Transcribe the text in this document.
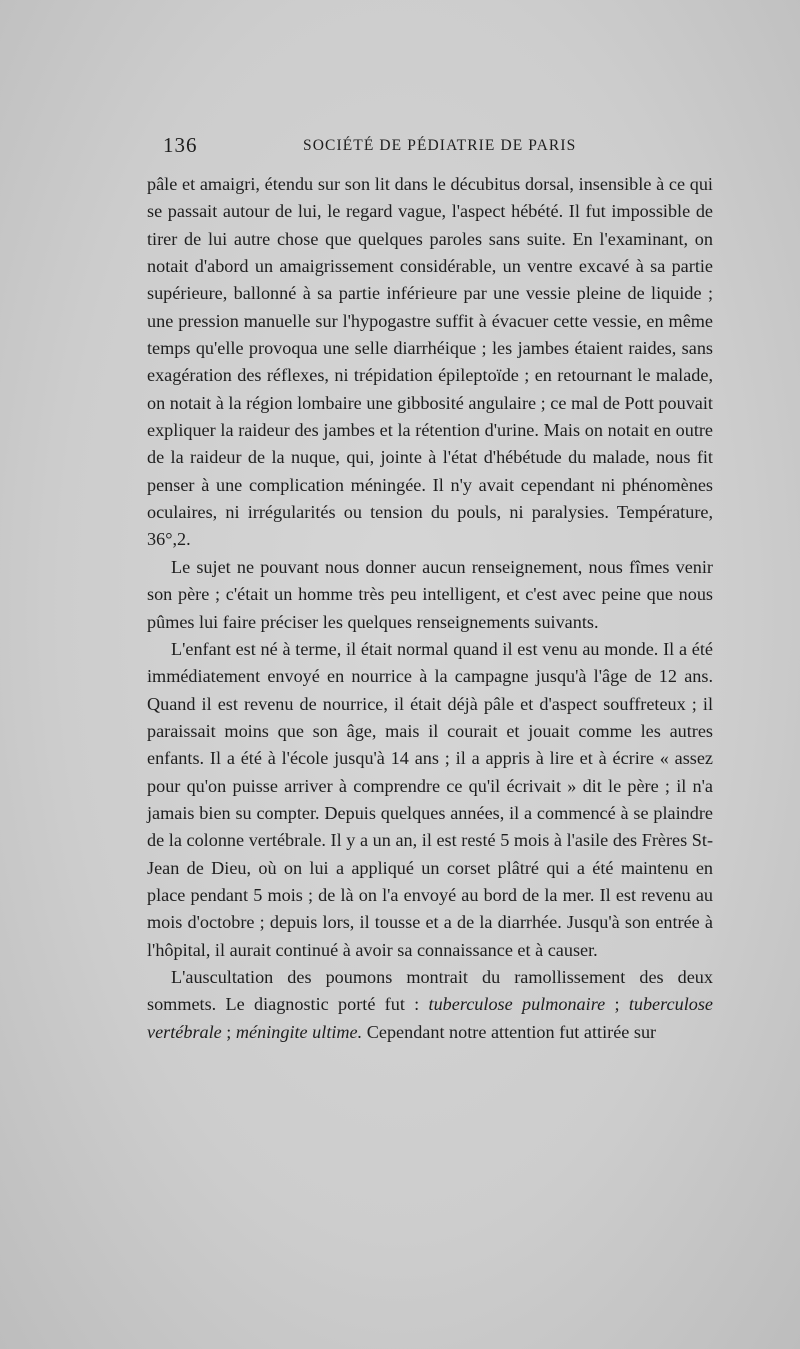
136	SOCIÉTÉ DE PÉDIATRIE DE PARIS

pâle et amaigri, étendu sur son lit dans le décubitus dorsal, insensible à ce qui se passait autour de lui, le regard vague, l'aspect hébété. Il fut impossible de tirer de lui autre chose que quelques paroles sans suite. En l'examinant, on notait d'abord un amaigrissement considérable, un ventre excavé à sa partie supérieure, ballonné à sa partie inférieure par une vessie pleine de liquide ; une pression manuelle sur l'hypogastre suffit à évacuer cette vessie, en même temps qu'elle provoqua une selle diarrhéique ; les jambes étaient raides, sans exagération des réflexes, ni trépidation épileptoïde ; en retournant le malade, on notait à la région lombaire une gibbosité angulaire ; ce mal de Pott pouvait expliquer la raideur des jambes et la rétention d'urine. Mais on notait en outre de la raideur de la nuque, qui, jointe à l'état d'hébétude du malade, nous fit penser à une complication méningée. Il n'y avait cependant ni phénomènes oculaires, ni irrégularités ou tension du pouls, ni paralysies. Température, 36°,2.

Le sujet ne pouvant nous donner aucun renseignement, nous fîmes venir son père ; c'était un homme très peu intelligent, et c'est avec peine que nous pûmes lui faire préciser les quelques renseignements suivants.

L'enfant est né à terme, il était normal quand il est venu au monde. Il a été immédiatement envoyé en nourrice à la campagne jusqu'à l'âge de 12 ans. Quand il est revenu de nourrice, il était déjà pâle et d'aspect souffreteux ; il paraissait moins que son âge, mais il courait et jouait comme les autres enfants. Il a été à l'école jusqu'à 14 ans ; il a appris à lire et à écrire « assez pour qu'on puisse arriver à comprendre ce qu'il écrivait » dit le père ; il n'a jamais bien su compter. Depuis quelques années, il a commencé à se plaindre de la colonne vertébrale. Il y a un an, il est resté 5 mois à l'asile des Frères St-Jean de Dieu, où on lui a appliqué un corset plâtré qui a été maintenu en place pendant 5 mois ; de là on l'a envoyé au bord de la mer. Il est revenu au mois d'octobre ; depuis lors, il tousse et a de la diarrhée. Jusqu'à son entrée à l'hôpital, il aurait continué à avoir sa connaissance et à causer.

L'auscultation des poumons montrait du ramollissement des deux sommets. Le diagnostic porté fut : tuberculose pulmonaire ; tuberculose vertébrale ; méningite ultime. Cependant notre attention fut attirée sur
